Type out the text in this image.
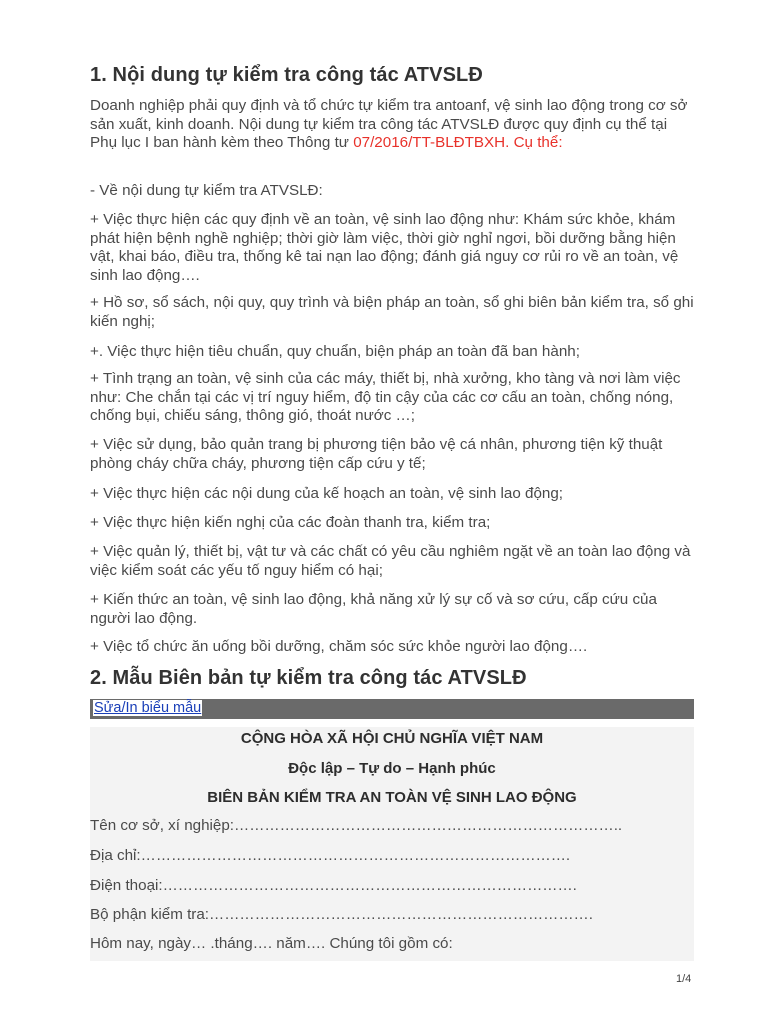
1. Nội dung tự kiểm tra công tác ATVSLĐ
Doanh nghiệp phải quy định và tổ chức tự kiểm tra antoanf, vệ sinh lao động trong cơ sở sản xuất, kinh doanh. Nội dung tự kiểm tra công tác ATVSLĐ được quy định cụ thể tại Phụ lục I ban hành kèm theo Thông tư 07/2016/TT-BLĐTBXH. Cụ thể:
- Về nội dung tự kiểm tra ATVSLĐ:
+ Việc thực hiện các quy định về an toàn, vệ sinh lao động như: Khám sức khỏe, khám phát hiện bệnh nghề nghiệp; thời giờ làm việc, thời giờ nghỉ ngơi, bồi dưỡng bằng hiện vật, khai báo, điều tra, thống kê tai nạn lao động; đánh giá nguy cơ rủi ro về an toàn, vệ sinh lao động….
+ Hồ sơ, sổ sách, nội quy, quy trình và biện pháp an toàn, sổ ghi biên bản kiểm tra, sổ ghi kiến nghị;
+. Việc thực hiện tiêu chuẩn, quy chuẩn, biện pháp an toàn đã ban hành;
+ Tình trạng an toàn, vệ sinh của các máy, thiết bị, nhà xưởng, kho tàng và nơi làm việc như: Che chắn tại các vị trí nguy hiểm, độ tin cậy của các cơ cấu an toàn, chống nóng, chống bụi, chiếu sáng, thông gió, thoát nước …;
+ Việc sử dụng, bảo quản trang bị phương tiện bảo vệ cá nhân, phương tiện kỹ thuật phòng cháy chữa cháy, phương tiện cấp cứu y tế;
+ Việc thực hiện các nội dung của kế hoạch an toàn, vệ sinh lao động;
+ Việc thực hiện kiến nghị của các đoàn thanh tra, kiểm tra;
+ Việc quản lý, thiết bị, vật tư và các chất có yêu cầu nghiêm ngặt về an toàn lao động và việc kiểm soát các yếu tố nguy hiểm có hại;
+ Kiến thức an toàn, vệ sinh lao động, khả năng xử lý sự cố và sơ cứu, cấp cứu của người lao động.
+ Việc tổ chức ăn uống bồi dưỡng, chăm sóc sức khỏe người lao động….
2. Mẫu Biên bản tự kiểm tra công tác ATVSLĐ
Sửa/In biểu mẫu
CỘNG HÒA XÃ HỘI CHỦ NGHĨA VIỆT NAM
Độc lập – Tự do – Hạnh phúc
BIÊN BẢN KIỂM TRA AN TOÀN VỆ SINH LAO ĐỘNG
Tên cơ sở, xí nghiệp:…………………………………………………………………..
Địa chỉ:………………………………………………………………………….
Điện thoại:……………………………………………………………………….
Bộ phận kiểm tra:………………………………………………………………….
Hôm nay, ngày… .tháng…. năm…. Chúng tôi gồm có:
1/4
